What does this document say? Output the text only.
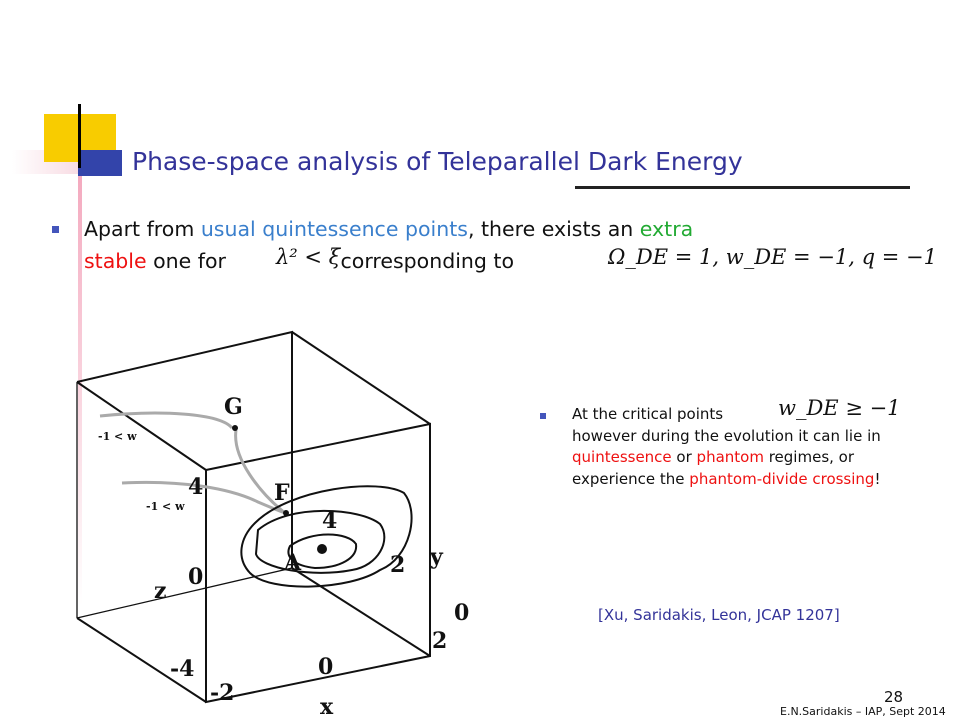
Phase-space analysis of Teleparallel Dark Energy
Apart from usual quintessence points, there exists an extra
stable one for	corresponding to
λ² < ξ	Ω_DE = 1, w_DE = −1, q = −1
G
F
A
4
2
4
0
-4
z
-2
0
x
y
0
2
-1 < w
-1 < w
At the critical points
however during the evolution it can lie in quintessence or phantom regimes, or experience the phantom-divide crossing!
w_DE ≥ −1
[Xu, Saridakis, Leon, JCAP 1207]
28
E.N.Saridakis – IAP, Sept 2014
